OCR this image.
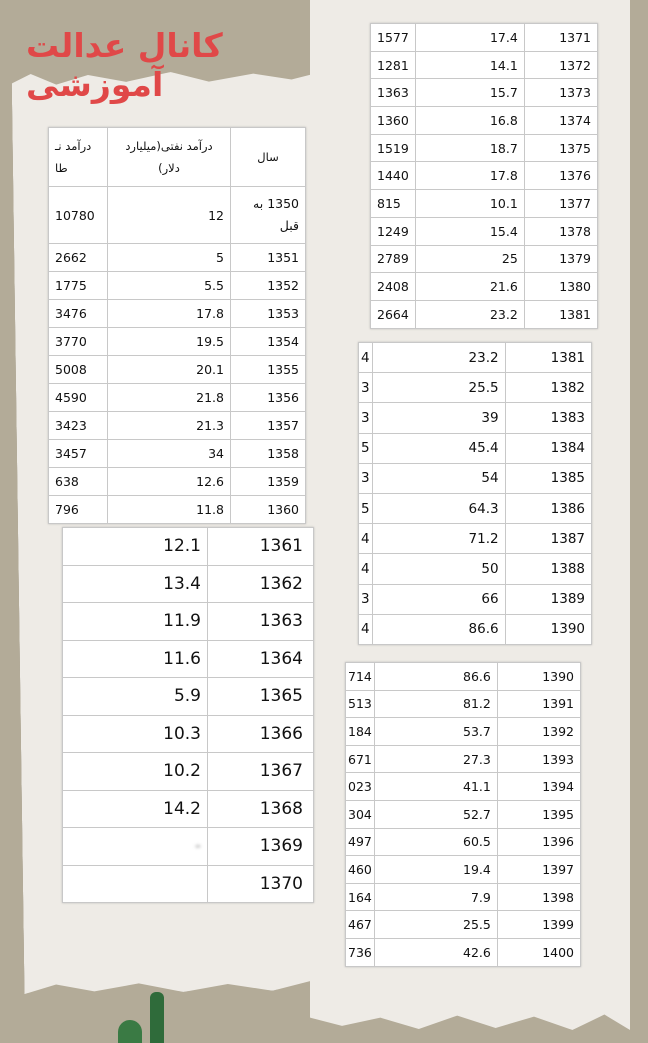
کانال عدالت آموزشی
درآمد نـ طا	درآمد نفتی(میلیارد دلار)	سال
10780	12	1350 به قبل
2662	5	1351
1775	5.5	1352
3476	17.8	1353
3770	19.5	1354
5008	20.1	1355
4590	21.8	1356
3423	21.3	1357
3457	34	1358
638	12.6	1359
796	11.8	1360
12.1	1361
13.4	1362
11.9	1363
11.6	1364
5.9	1365
10.3	1366
10.2	1367
14.2	1368
-	1369
	1370
1577	17.4	1371
1281	14.1	1372
1363	15.7	1373
1360	16.8	1374
1519	18.7	1375
1440	17.8	1376
815	10.1	1377
1249	15.4	1378
2789	25	1379
2408	21.6	1380
2664	23.2	1381
4	23.2	1381
3	25.5	1382
3	39	1383
5	45.4	1384
3	54	1385
5	64.3	1386
4	71.2	1387
4	50	1388
3	66	1389
4	86.6	1390
714	86.6	1390
513	81.2	1391
184	53.7	1392
671	27.3	1393
023	41.1	1394
304	52.7	1395
497	60.5	1396
460	19.4	1397
164	7.9	1398
467	25.5	1399
736	42.6	1400
